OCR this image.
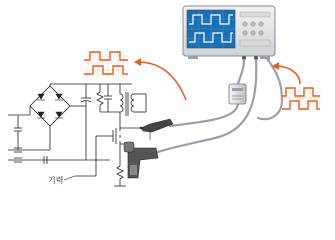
기력
